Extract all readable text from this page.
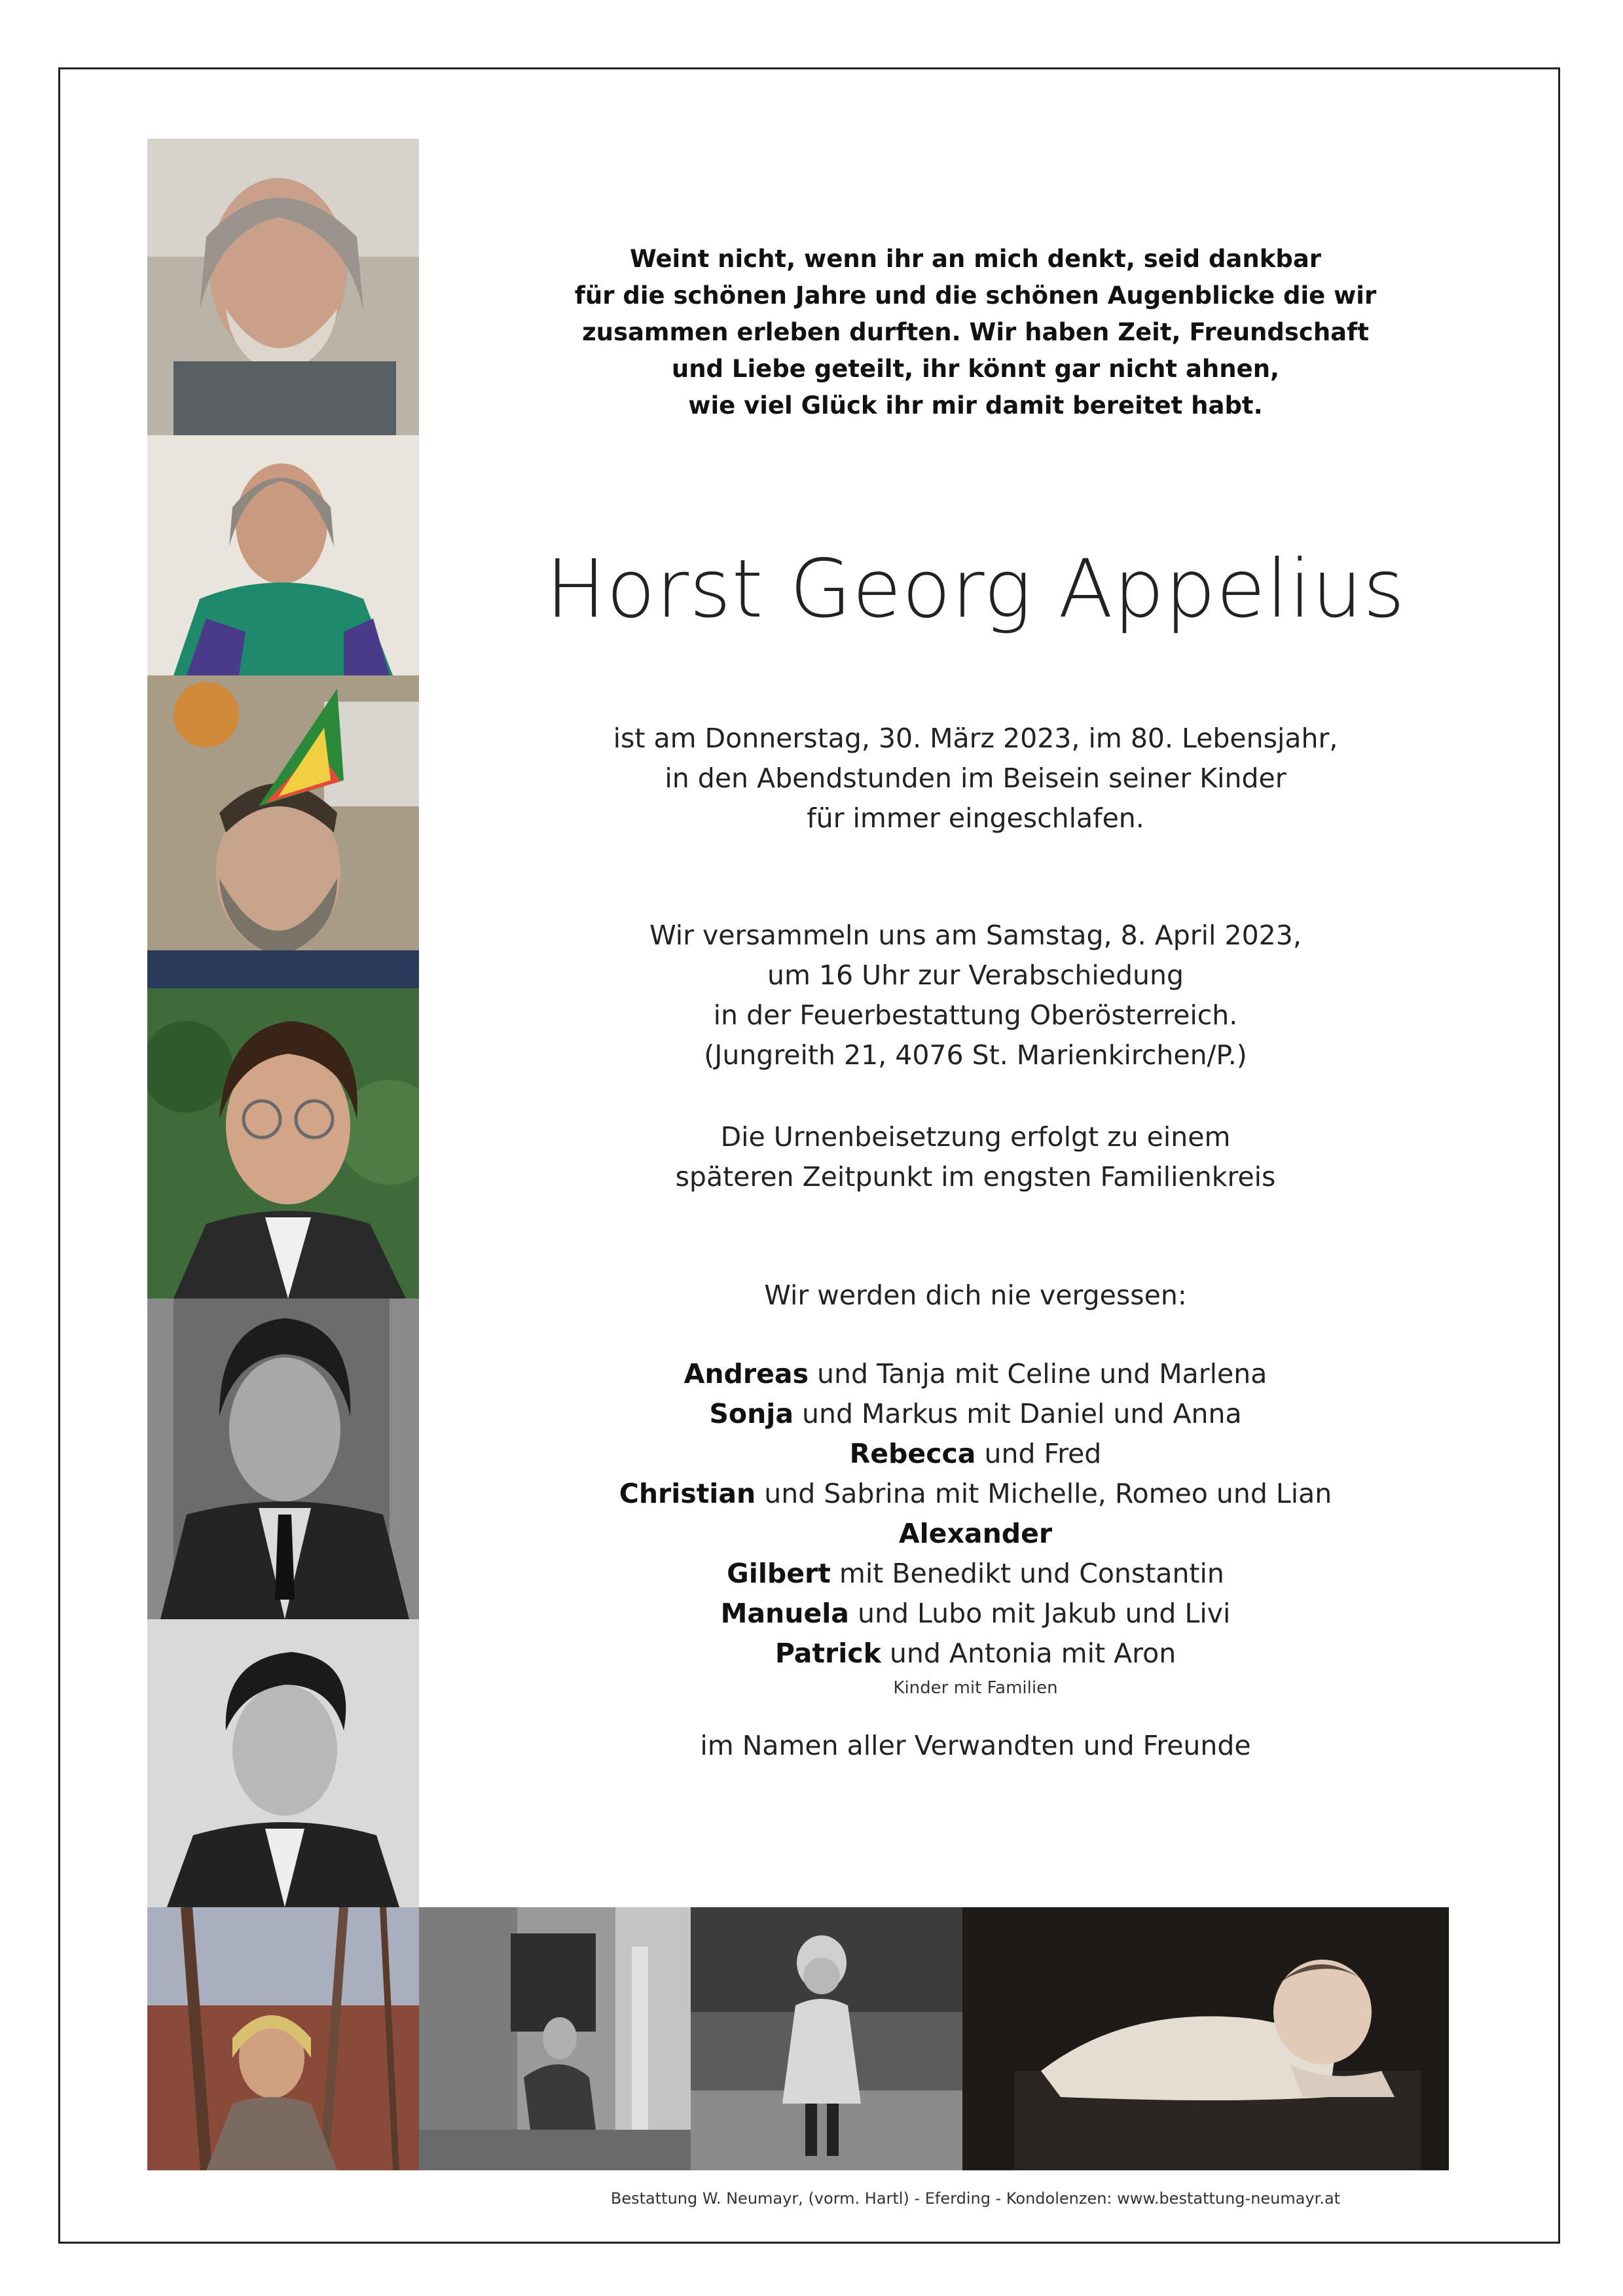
Weint nicht, wenn ihr an mich denkt, seid dankbar
für die schönen Jahre und die schönen Augenblicke die wir
zusammen erleben durften. Wir haben Zeit, Freundschaft
und Liebe geteilt, ihr könnt gar nicht ahnen,
wie viel Glück ihr mir damit bereitet habt.
Horst Georg Appelius
ist am Donnerstag, 30. März 2023, im 80. Lebensjahr,
in den Abendstunden im Beisein seiner Kinder
für immer eingeschlafen.
Wir versammeln uns am Samstag, 8. April 2023,
um 16 Uhr zur Verabschiedung
in der Feuerbestattung Oberösterreich.
(Jungreith 21, 4076 St. Marienkirchen/P.)
Die Urnenbeisetzung erfolgt zu einem
späteren Zeitpunkt im engsten Familienkreis
Wir werden dich nie vergessen:
Andreas und Tanja mit Celine und Marlena
Sonja und Markus mit Daniel und Anna
Rebecca und Fred
Christian und Sabrina mit Michelle, Romeo und Lian
Alexander
Gilbert mit Benedikt und Constantin
Manuela und Lubo mit Jakub und Livi
Patrick und Antonia mit Aron
Kinder mit Familien
im Namen aller Verwandten und Freunde
Bestattung W. Neumayr, (vorm. Hartl) - Eferding - Kondolenzen: www.bestattung-neumayr.at
